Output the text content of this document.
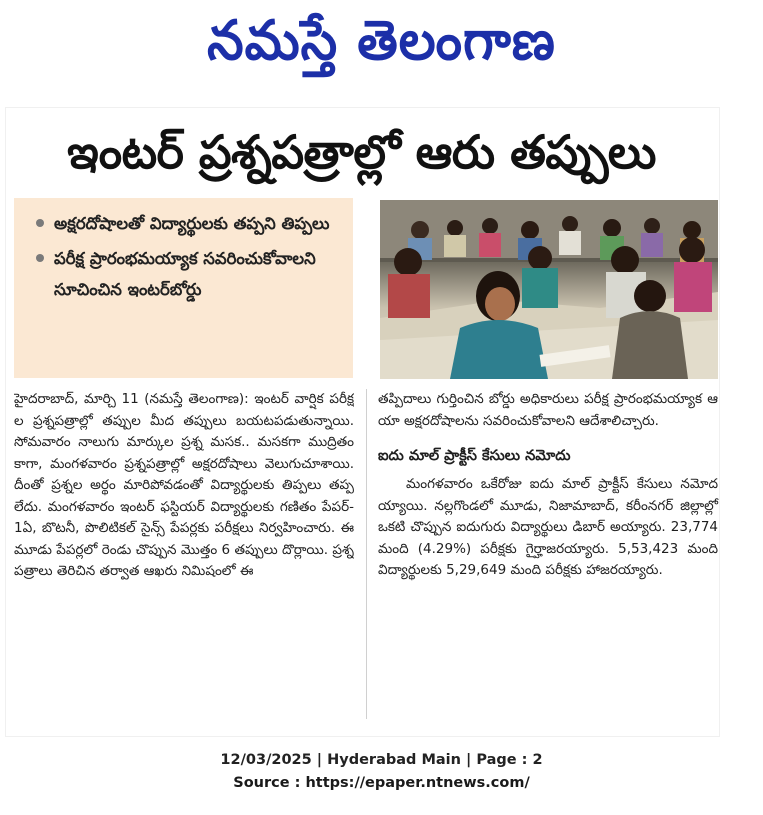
నమస్తే తెలంగాణ
ఇంటర్ ప్రశ్నపత్రాల్లో ఆరు తప్పులు
అక్షరదోషాలతో విద్యార్థులకు తప్పని తిప్పలు
పరీక్ష ప్రారంభమయ్యాక సవరించుకోవాలని సూచించిన ఇంటర్‌బోర్డు
హైదరాబాద్, మార్చి 11 (నమస్తే తెలంగాణ): ఇంటర్ వార్షిక పరీక్షల ప్రశ్నపత్రాల్లో తప్పుల మీద తప్పులు బయటపడుతున్నాయి. సోమవారం నాలుగు మార్కుల ప్రశ్న మసక.. మసకగా ముద్రితం కాగా, మంగళవారం ప్రశ్నపత్రాల్లో అక్షరదోషాలు వెలుగుచూశాయి. దీంతో ప్రశ్నల అర్థం మారిపోవడంతో విద్యార్థులకు తిప్పలు తప్పలేదు. మంగళవారం ఇంటర్ ఫస్టియర్ విద్యార్థులకు గణితం పేపర్-1ఏ, బొటనీ, పొలిటికల్ సైన్స్ పేపర్లకు పరీక్షలు నిర్వహించారు. ఈ మూడు పేపర్లలో రెండు చొప్పున మొత్తం 6 తప్పులు దొర్లాయి. ప్రశ్నపత్రాలు తెరిచిన తర్వాత ఆఖరు నిమిషంలో ఈ
తప్పిదాలు గుర్తించిన బోర్డు అధికారులు పరీక్ష ప్రారంభమయ్యాక ఆయా అక్షరదోషాలను సవరించుకోవాలని ఆదేశాలిచ్చారు.
ఐదు మాల్ ప్రాక్టీస్ కేసులు నమోదు
మంగళవారం ఒకేరోజు ఐదు మాల్ ప్రాక్టీస్ కేసులు నమోదయ్యాయి. నల్లగొండలో మూడు, నిజామాబాద్, కరీంనగర్ జిల్లాల్లో ఒకటి చొప్పున ఐదుగురు విద్యార్థులు డిబార్ అయ్యారు. 23,774 మంది (4.29%) పరీక్షకు గైర్హాజరయ్యారు. 5,53,423 మంది విద్యార్థులకు 5,29,649 మంది పరీక్షకు హాజరయ్యారు.
12/03/2025 | Hyderabad Main | Page : 2
Source : https://epaper.ntnews.com/
